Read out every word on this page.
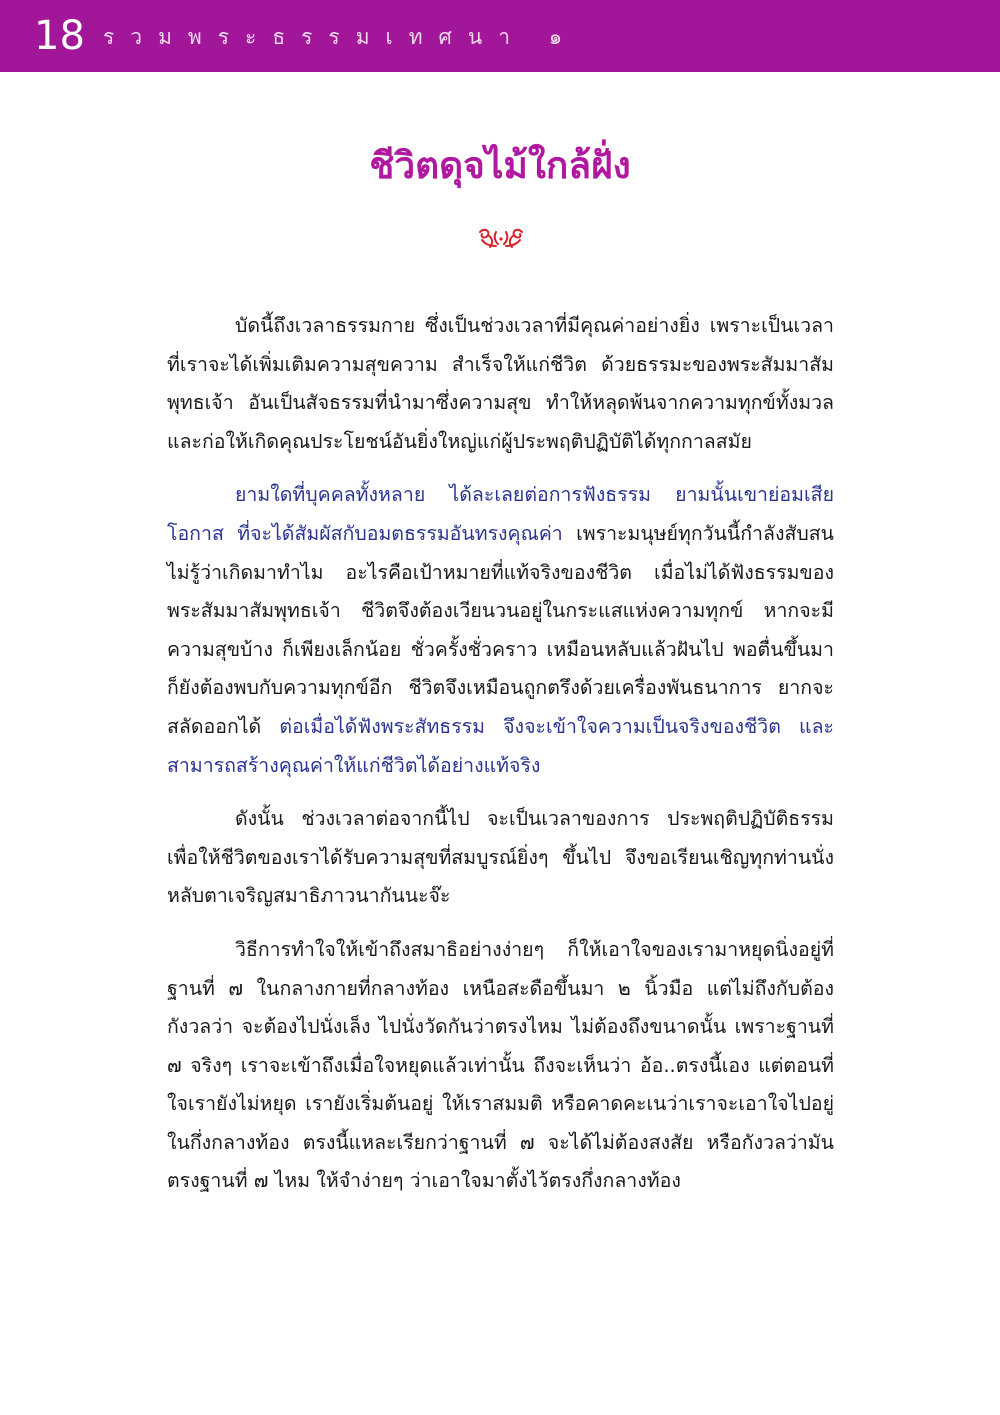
18 รวมพระธรรมเทศนา ๑
ชีวิตดุจไม้ใกล้ฝั่ง

บัดนี้ถึงเวลาธรรมกาย ซึ่งเป็นช่วงเวลาที่มีคุณค่าอย่างยิ่ง เพราะเป็นเวลาที่เราจะได้เพิ่มเติมความสุขความ สำเร็จให้แก่ชีวิต ด้วยธรรมะของพระสัมมาสัมพุทธเจ้า อันเป็นสัจธรรมที่นำมาซึ่งความสุข ทำให้หลุดพ้นจากความทุกข์ทั้งมวล และก่อให้เกิดคุณประโยชน์อันยิ่งใหญ่แก่ผู้ประพฤติปฏิบัติได้ทุกกาลสมัย

ยามใดที่บุคคลทั้งหลาย ได้ละเลยต่อการฟังธรรม ยามนั้นเขาย่อมเสียโอกาส ที่จะได้สัมผัสกับอมตธรรมอันทรงคุณค่า เพราะมนุษย์ทุกวันนี้กำลังสับสน ไม่รู้ว่าเกิดมาทำไม อะไรคือเป้าหมายที่แท้จริงของชีวิต เมื่อไม่ได้ฟังธรรมของพระสัมมาสัมพุทธเจ้า ชีวิตจึงต้องเวียนวนอยู่ในกระแสแห่งความทุกข์ หากจะมีความสุขบ้าง ก็เพียงเล็กน้อย ชั่วครั้งชั่วคราว เหมือนหลับแล้วฝันไป พอตื่นขึ้นมา ก็ยังต้องพบกับความทุกข์อีก ชีวิตจึงเหมือนถูกตรึงด้วยเครื่องพันธนาการ ยากจะสลัดออกได้ ต่อเมื่อได้ฟังพระสัทธรรม จึงจะเข้าใจความเป็นจริงของชีวิต และสามารถสร้างคุณค่าให้แก่ชีวิตได้อย่างแท้จริง

ดังนั้น ช่วงเวลาต่อจากนี้ไป จะเป็นเวลาของการ ประพฤติปฏิบัติธรรม เพื่อให้ชีวิตของเราได้รับความสุขที่สมบูรณ์ยิ่งๆ ขึ้นไป จึงขอเรียนเชิญทุกท่านนั่งหลับตาเจริญสมาธิภาวนากันนะจ๊ะ

วิธีการทำใจให้เข้าถึงสมาธิอย่างง่ายๆ ก็ให้เอาใจของเรามาหยุดนิ่งอยู่ที่ฐานที่ ๗ ในกลางกายที่กลางท้อง เหนือสะดือขึ้นมา ๒ นิ้วมือ แต่ไม่ถึงกับต้องกังวลว่า จะต้องไปนั่งเล็ง ไปนั่งวัดกันว่าตรงไหม ไม่ต้องถึงขนาดนั้น เพราะฐานที่ ๗ จริงๆ เราจะเข้าถึงเมื่อใจหยุดแล้วเท่านั้น ถึงจะเห็นว่า อ้อ..ตรงนี้เอง แต่ตอนที่ใจเรายังไม่หยุด เรายังเริ่มต้นอยู่ ให้เราสมมติ หรือคาดคะเนว่าเราจะเอาใจไปอยู่ในกึ่งกลางท้อง ตรงนี้แหละเรียกว่าฐานที่ ๗ จะได้ไม่ต้องสงสัย หรือกังวลว่ามันตรงฐานที่ ๗ ไหม ให้จำง่ายๆ ว่าเอาใจมาตั้งไว้ตรงกึ่งกลางท้อง
